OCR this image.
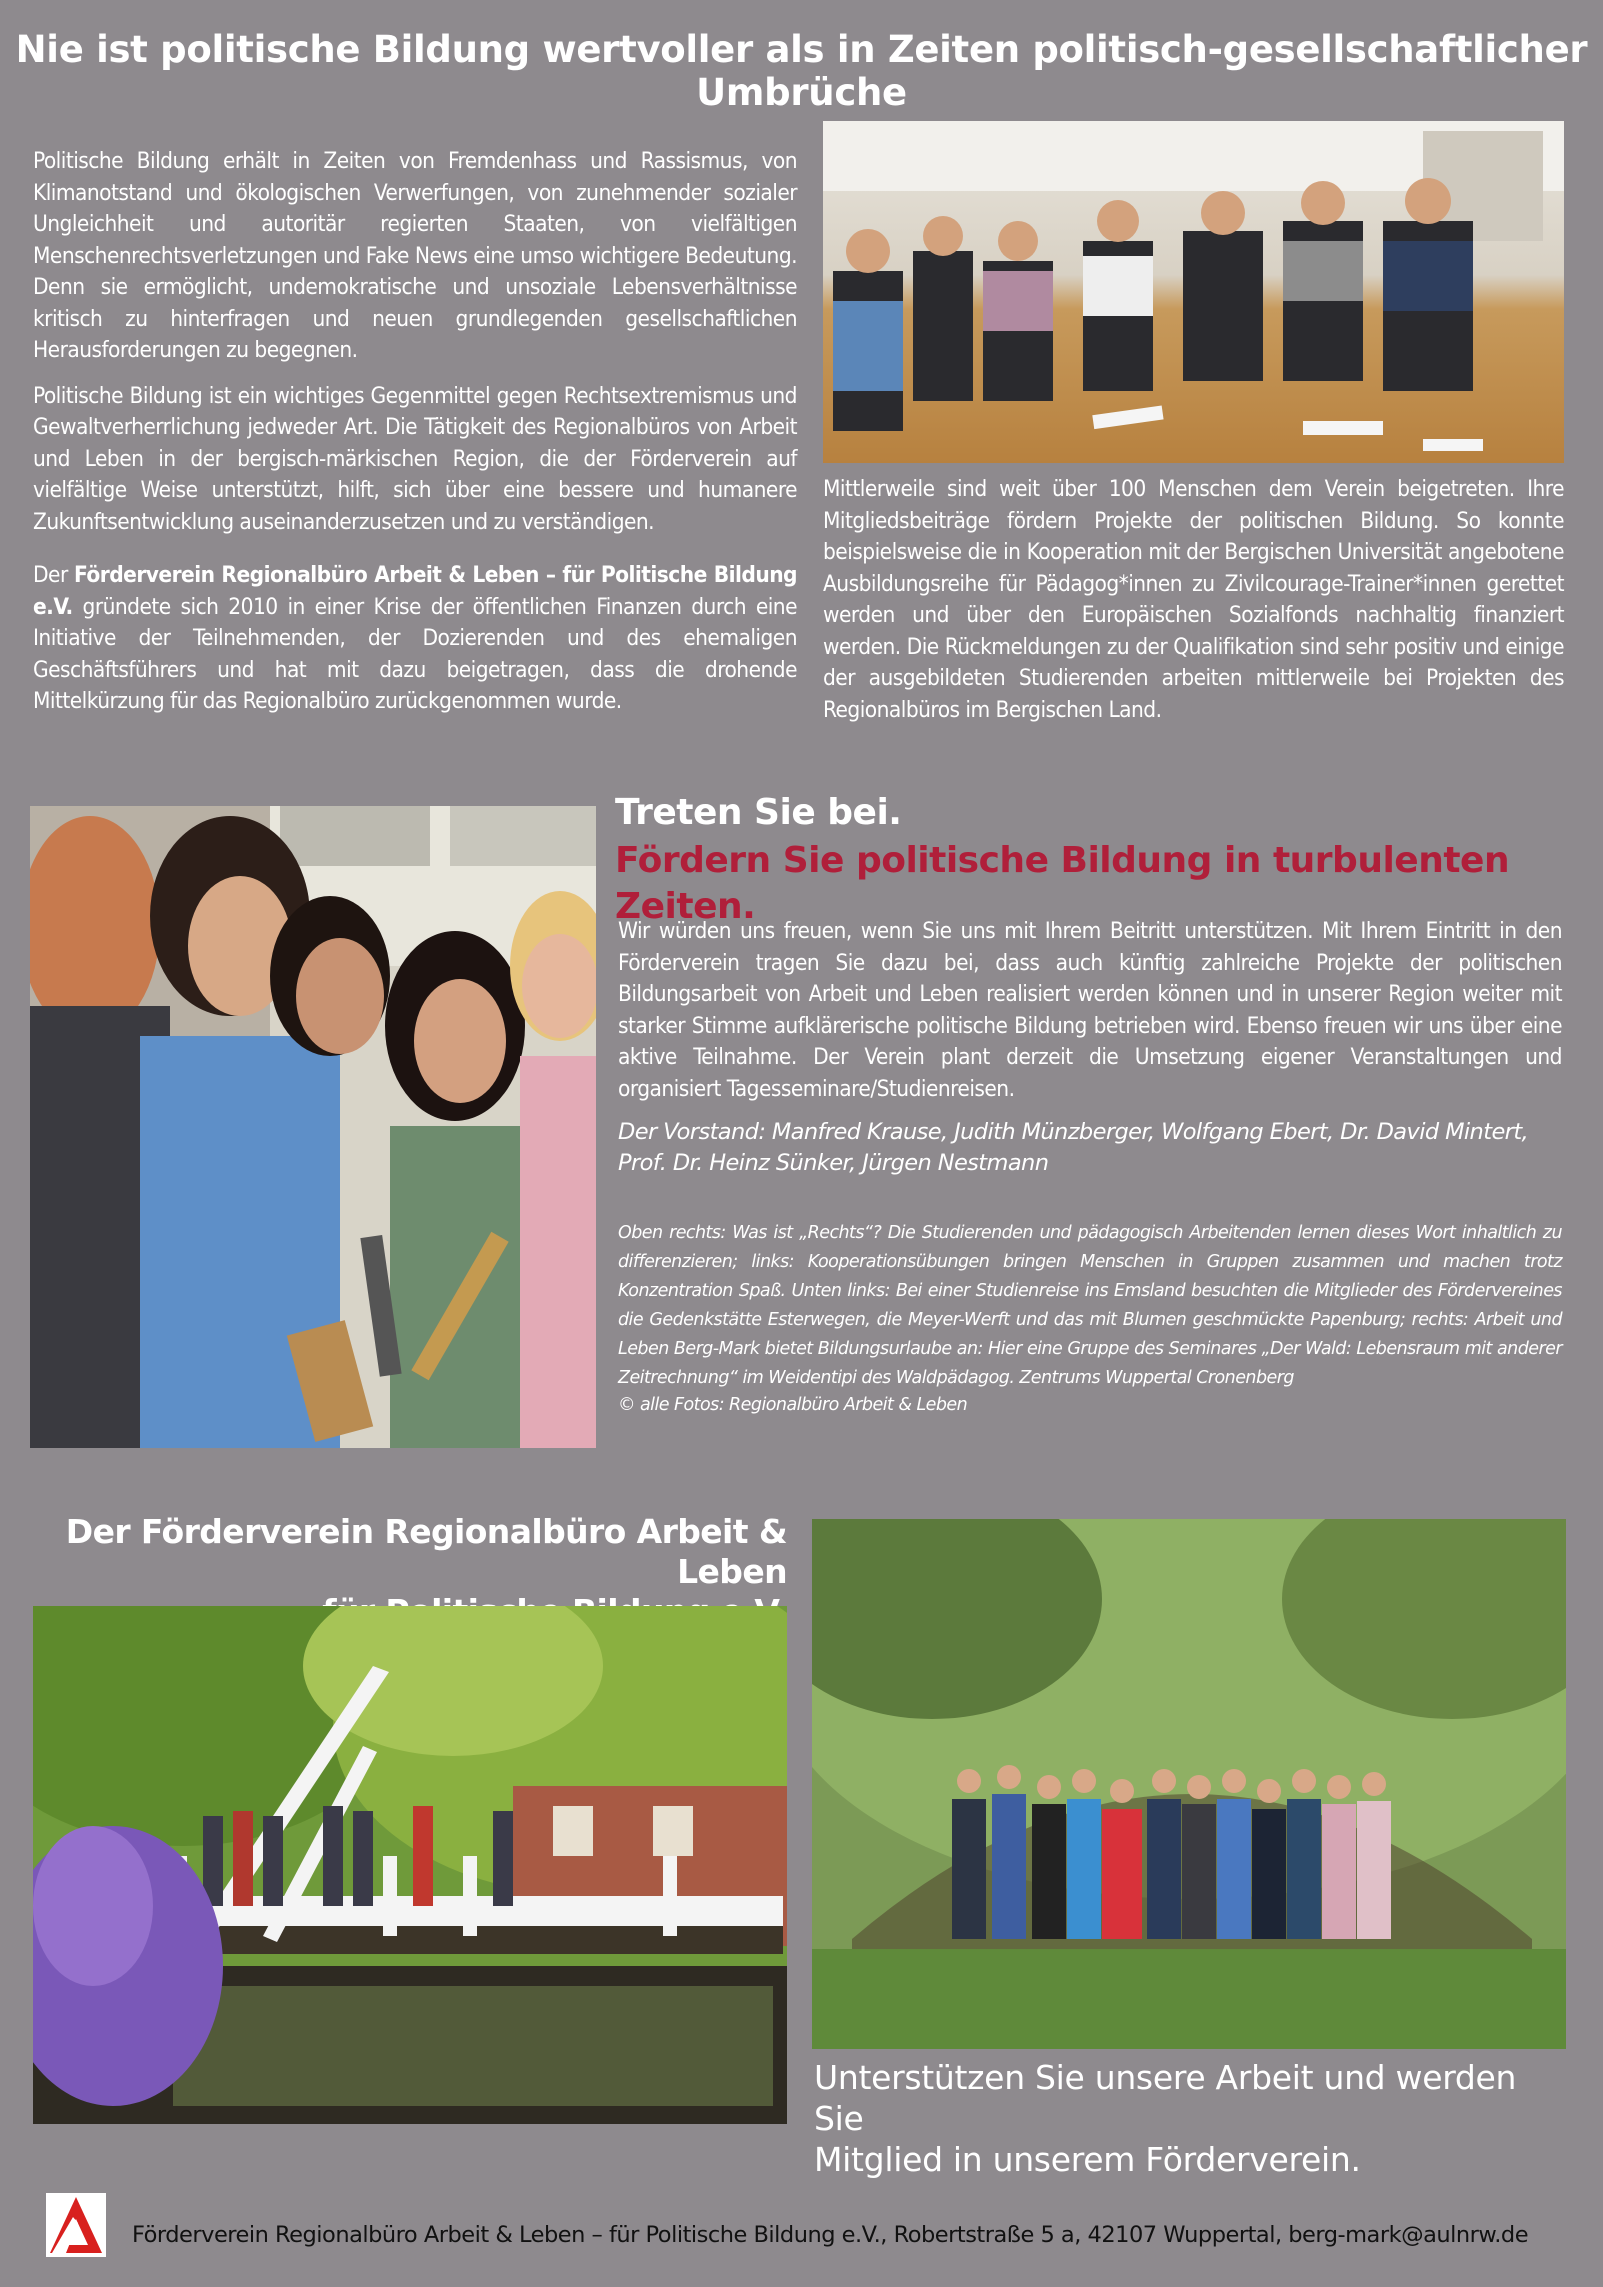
Nie ist politische Bildung wertvoller als in Zeiten politisch-gesellschaftlicher Umbrüche

Politische Bildung erhält in Zeiten von Fremdenhass und Rassismus, von Klimanotstand und ökologischen Verwerfungen, von zunehmender sozialer Ungleichheit und autoritär regierten Staaten, von vielfältigen Menschenrechtsverletzungen und Fake News eine umso wichtigere Bedeutung. Denn sie ermöglicht, undemokratische und unsoziale Lebensverhältnisse kritisch zu hinterfragen und neuen grundlegenden gesellschaftlichen Herausforderungen zu begegnen.

Politische Bildung ist ein wichtiges Gegenmittel gegen Rechtsextremismus und Gewaltverherrlichung jedweder Art. Die Tätigkeit des Regionalbüros von Arbeit und Leben in der bergisch-märkischen Region, die der Förderverein auf vielfältige Weise unterstützt, hilft, sich über eine bessere und humanere Zukunftsentwicklung auseinanderzusetzen und zu verständigen.

Der Förderverein Regionalbüro Arbeit & Leben – für Politische Bildung e.V. gründete sich 2010 in einer Krise der öffentlichen Finanzen durch eine Initiative der Teilnehmenden, der Dozierenden und des ehemaligen Geschäftsführers und hat mit dazu beigetragen, dass die drohende Mittelkürzung für das Regionalbüro zurückgenommen wurde.

Mittlerweile sind weit über 100 Menschen dem Verein beigetreten. Ihre Mitgliedsbeiträge fördern Projekte der politischen Bildung. So konnte beispielsweise die in Kooperation mit der Bergischen Universität angebotene Ausbildungsreihe für Pädagog*innen zu Zivilcourage-Trainer*innen gerettet werden und über den Europäischen Sozialfonds nachhaltig finanziert werden. Die Rückmeldungen zu der Qualifikation sind sehr positiv und einige der ausgebildeten Studierenden arbeiten mittlerweile bei Projekten des Regionalbüros im Bergischen Land.

Treten Sie bei.
Fördern Sie politische Bildung in turbulenten Zeiten.

Wir würden uns freuen, wenn Sie uns mit Ihrem Beitritt unterstützen. Mit Ihrem Eintritt in den Förderverein tragen Sie dazu bei, dass auch künftig zahlreiche Projekte der politischen Bildungsarbeit von Arbeit und Leben realisiert werden können und in unserer Region weiter mit starker Stimme aufklärerische politische Bildung betrieben wird. Ebenso freuen wir uns über eine aktive Teilnahme. Der Verein plant derzeit die Umsetzung eigener Veranstaltungen und organisiert Tagesseminare/Studienreisen.

Der Vorstand: Manfred Krause, Judith Münzberger, Wolfgang Ebert, Dr. David Mintert,
Prof. Dr. Heinz Sünker, Jürgen Nestmann

Oben rechts: Was ist „Rechts“? Die Studierenden und pädagogisch Arbeitenden lernen dieses Wort inhaltlich zu differenzieren; links: Kooperationsübungen bringen Menschen in Gruppen zusammen und machen trotz Konzentration Spaß. Unten links: Bei einer Studienreise ins Emsland besuchten die Mitglieder des Fördervereines die Gedenkstätte Esterwegen, die Meyer-Werft und das mit Blumen geschmückte Papenburg; rechts: Arbeit und Leben Berg-Mark bietet Bildungsurlaube an: Hier eine Gruppe des Seminares „Der Wald: Lebensraum mit anderer Zeitrechnung“ im Weidentipi des Waldpädagog. Zentrums Wuppertal Cronenberg

© alle Fotos: Regionalbüro Arbeit & Leben
Der Förderverein Regionalbüro Arbeit & Leben
Unterstützen Sie unsere Arbeit und werden Sie
Mitglied in unserem Förderverein.
Förderverein Regionalbüro Arbeit & Leben – für Politische Bildung e.V., Robertstraße 5 a, 42107 Wuppertal, berg-mark@aulnrw.de
